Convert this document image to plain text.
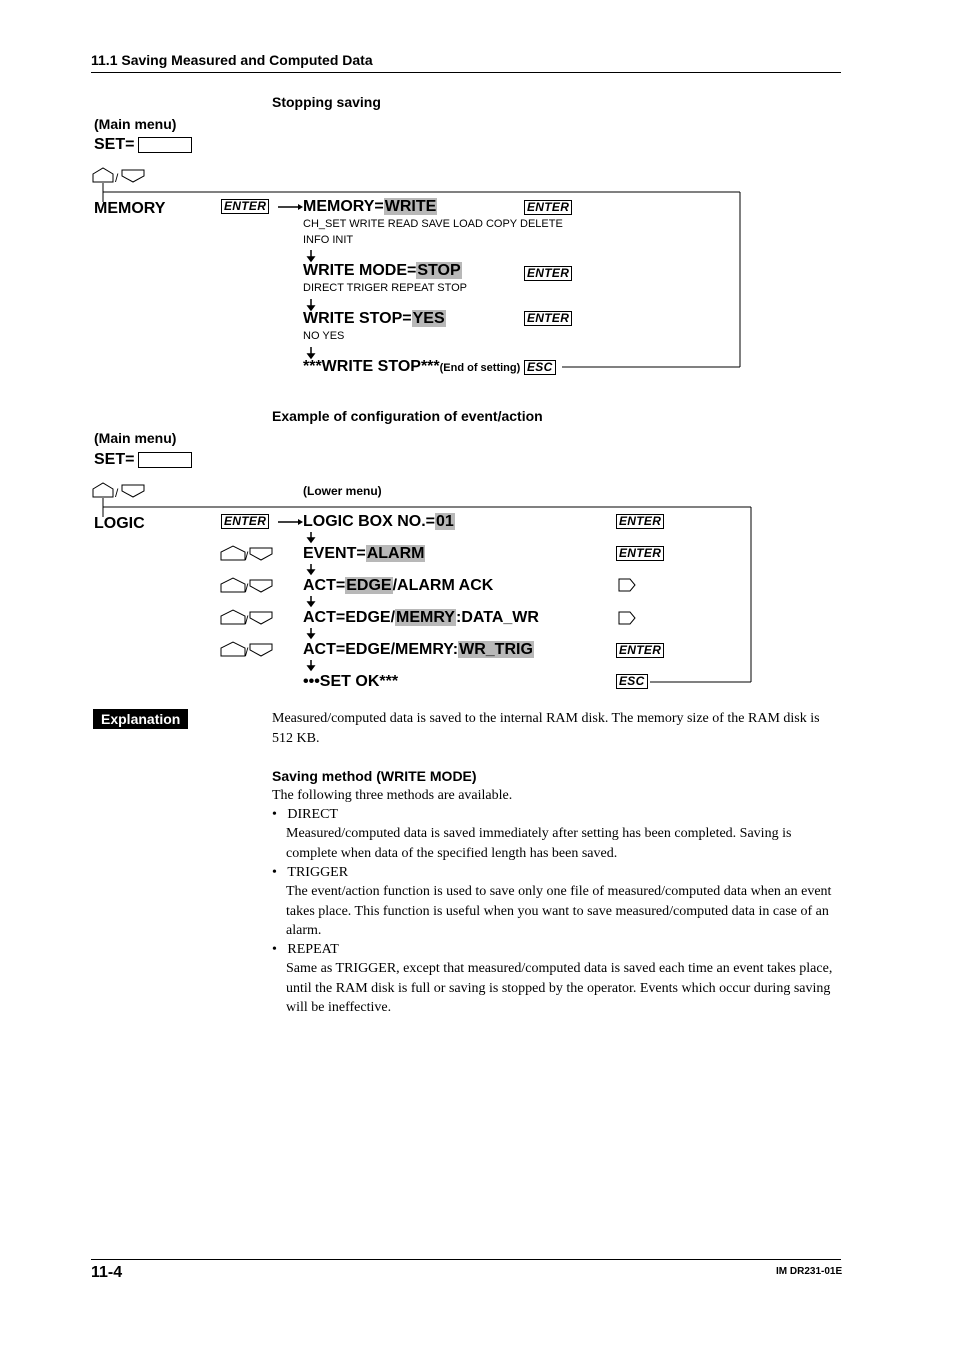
11.1 Saving Measured and Computed Data
Stopping saving
(Main menu)
SET=
/
MEMORY	ENTER MEMORY=WRITE	ENTER
CH_SET WRITE READ SAVE LOAD COPY DELETE
INFO INIT
WRITE MODE=STOP	ENTER
DIRECT TRIGER REPEAT STOP
WRITE STOP=YES	ENTER
NO YES
***WRITE STOP***(End of setting) ESC
Example of configuration of event/action
(Main menu)
SET=
(Lower menu)
/
/
/
/
/
LOGIC	ENTER LOGIC BOX NO.=01	ENTER
EVENT=ALARM	ENTER
ACT=EDGE/ALARM ACK
ACT=EDGE/MEMRY:DATA_WR
ACT=EDGE/MEMRY:WR_TRIG	ENTER
•••SET OK***	ESC
Explanation	Measured/computed data is saved to the internal RAM disk. The memory size of the RAM disk is 512 KB.
Saving method (WRITE MODE)
The following three methods are available.
•   DIRECT
Measured/computed data is saved immediately after setting has been completed. Saving is complete when data of the specified length has been saved.
•   TRIGGER
The event/action function is used to save only one file of measured/computed data when an event takes place. This function is useful when you want to save measured/computed data in case of an alarm.
•   REPEAT
Same as TRIGGER, except that measured/computed data is saved each time an event takes place, until the RAM disk is full or saving is stopped by the operator. Events which occur during saving will be ineffective.
11-4	IM DR231-01E
